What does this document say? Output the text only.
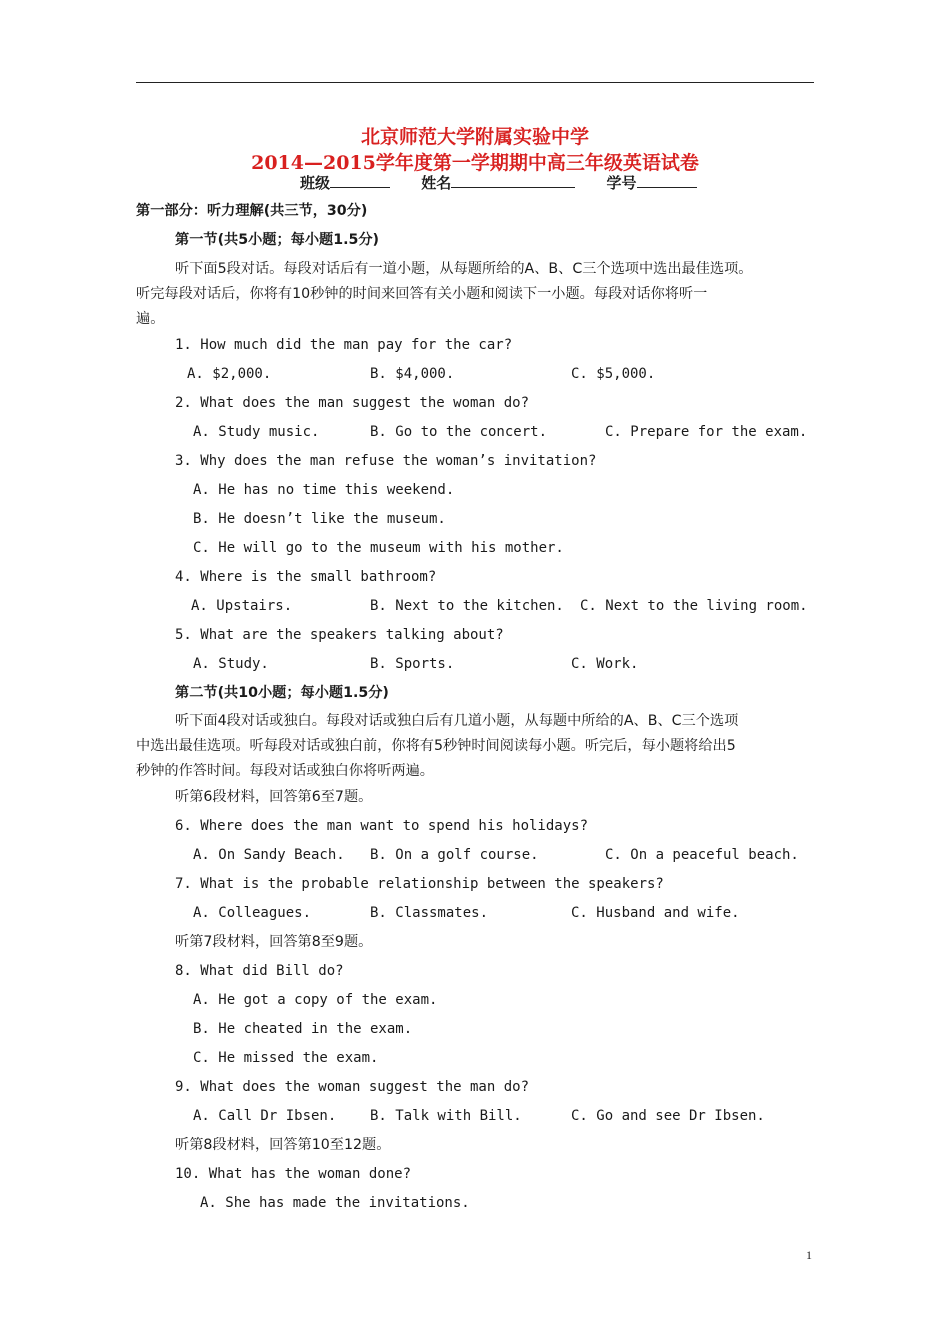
北京师范大学附属实验中学
2014—2015学年度第一学期期中高三年级英语试卷
班级	姓名	学号
第一部分：听力理解(共三节，30分)
第一节(共5小题；每小题1.5分)
听下面5段对话。每段对话后有一道小题，从每题所给的A、B、C三个选项中选出最佳选项。
听完每段对话后，你将有10秒钟的时间来回答有关小题和阅读下一小题。每段对话你将听一
遍。
1. How much did the man pay for the car?
A. $2,000.	B. $4,000.	C. $5,000.
2. What does the man suggest the woman do?
A. Study music.	B. Go to the concert.	C. Prepare for the exam.
3. Why does the man refuse the woman’s invitation?
A. He has no time this weekend.
B. He doesn’t like the museum.
C. He will go to the museum with his mother.
4. Where is the small bathroom?
A. Upstairs.	B. Next to the kitchen. C. Next to the living room.
5. What are the speakers talking about?
A. Study.	B. Sports.	C. Work.
第二节(共10小题；每小题1.5分)
听下面4段对话或独白。每段对话或独白后有几道小题，从每题中所给的A、B、C三个选项
中选出最佳选项。听每段对话或独白前，你将有5秒钟时间阅读每小题。听完后，每小题将给出5
秒钟的作答时间。每段对话或独白你将听两遍。
听第6段材料，回答第6至7题。
6. Where does the man want to spend his holidays?
A. On Sandy Beach. B. On a golf course.	C. On a peaceful beach.
7. What is the probable relationship between the speakers?
A. Colleagues.	B. Classmates.	C. Husband and wife.
听第7段材料，回答第8至9题。
8. What did Bill do?
A. He got a copy of the exam.
B. He cheated in the exam.
C. He missed the exam.
9. What does the woman suggest the man do?
A. Call Dr Ibsen. B. Talk with Bill.	C. Go and see Dr Ibsen.
听第8段材料，回答第10至12题。
10. What has the woman done?
A. She has made the invitations.
1
